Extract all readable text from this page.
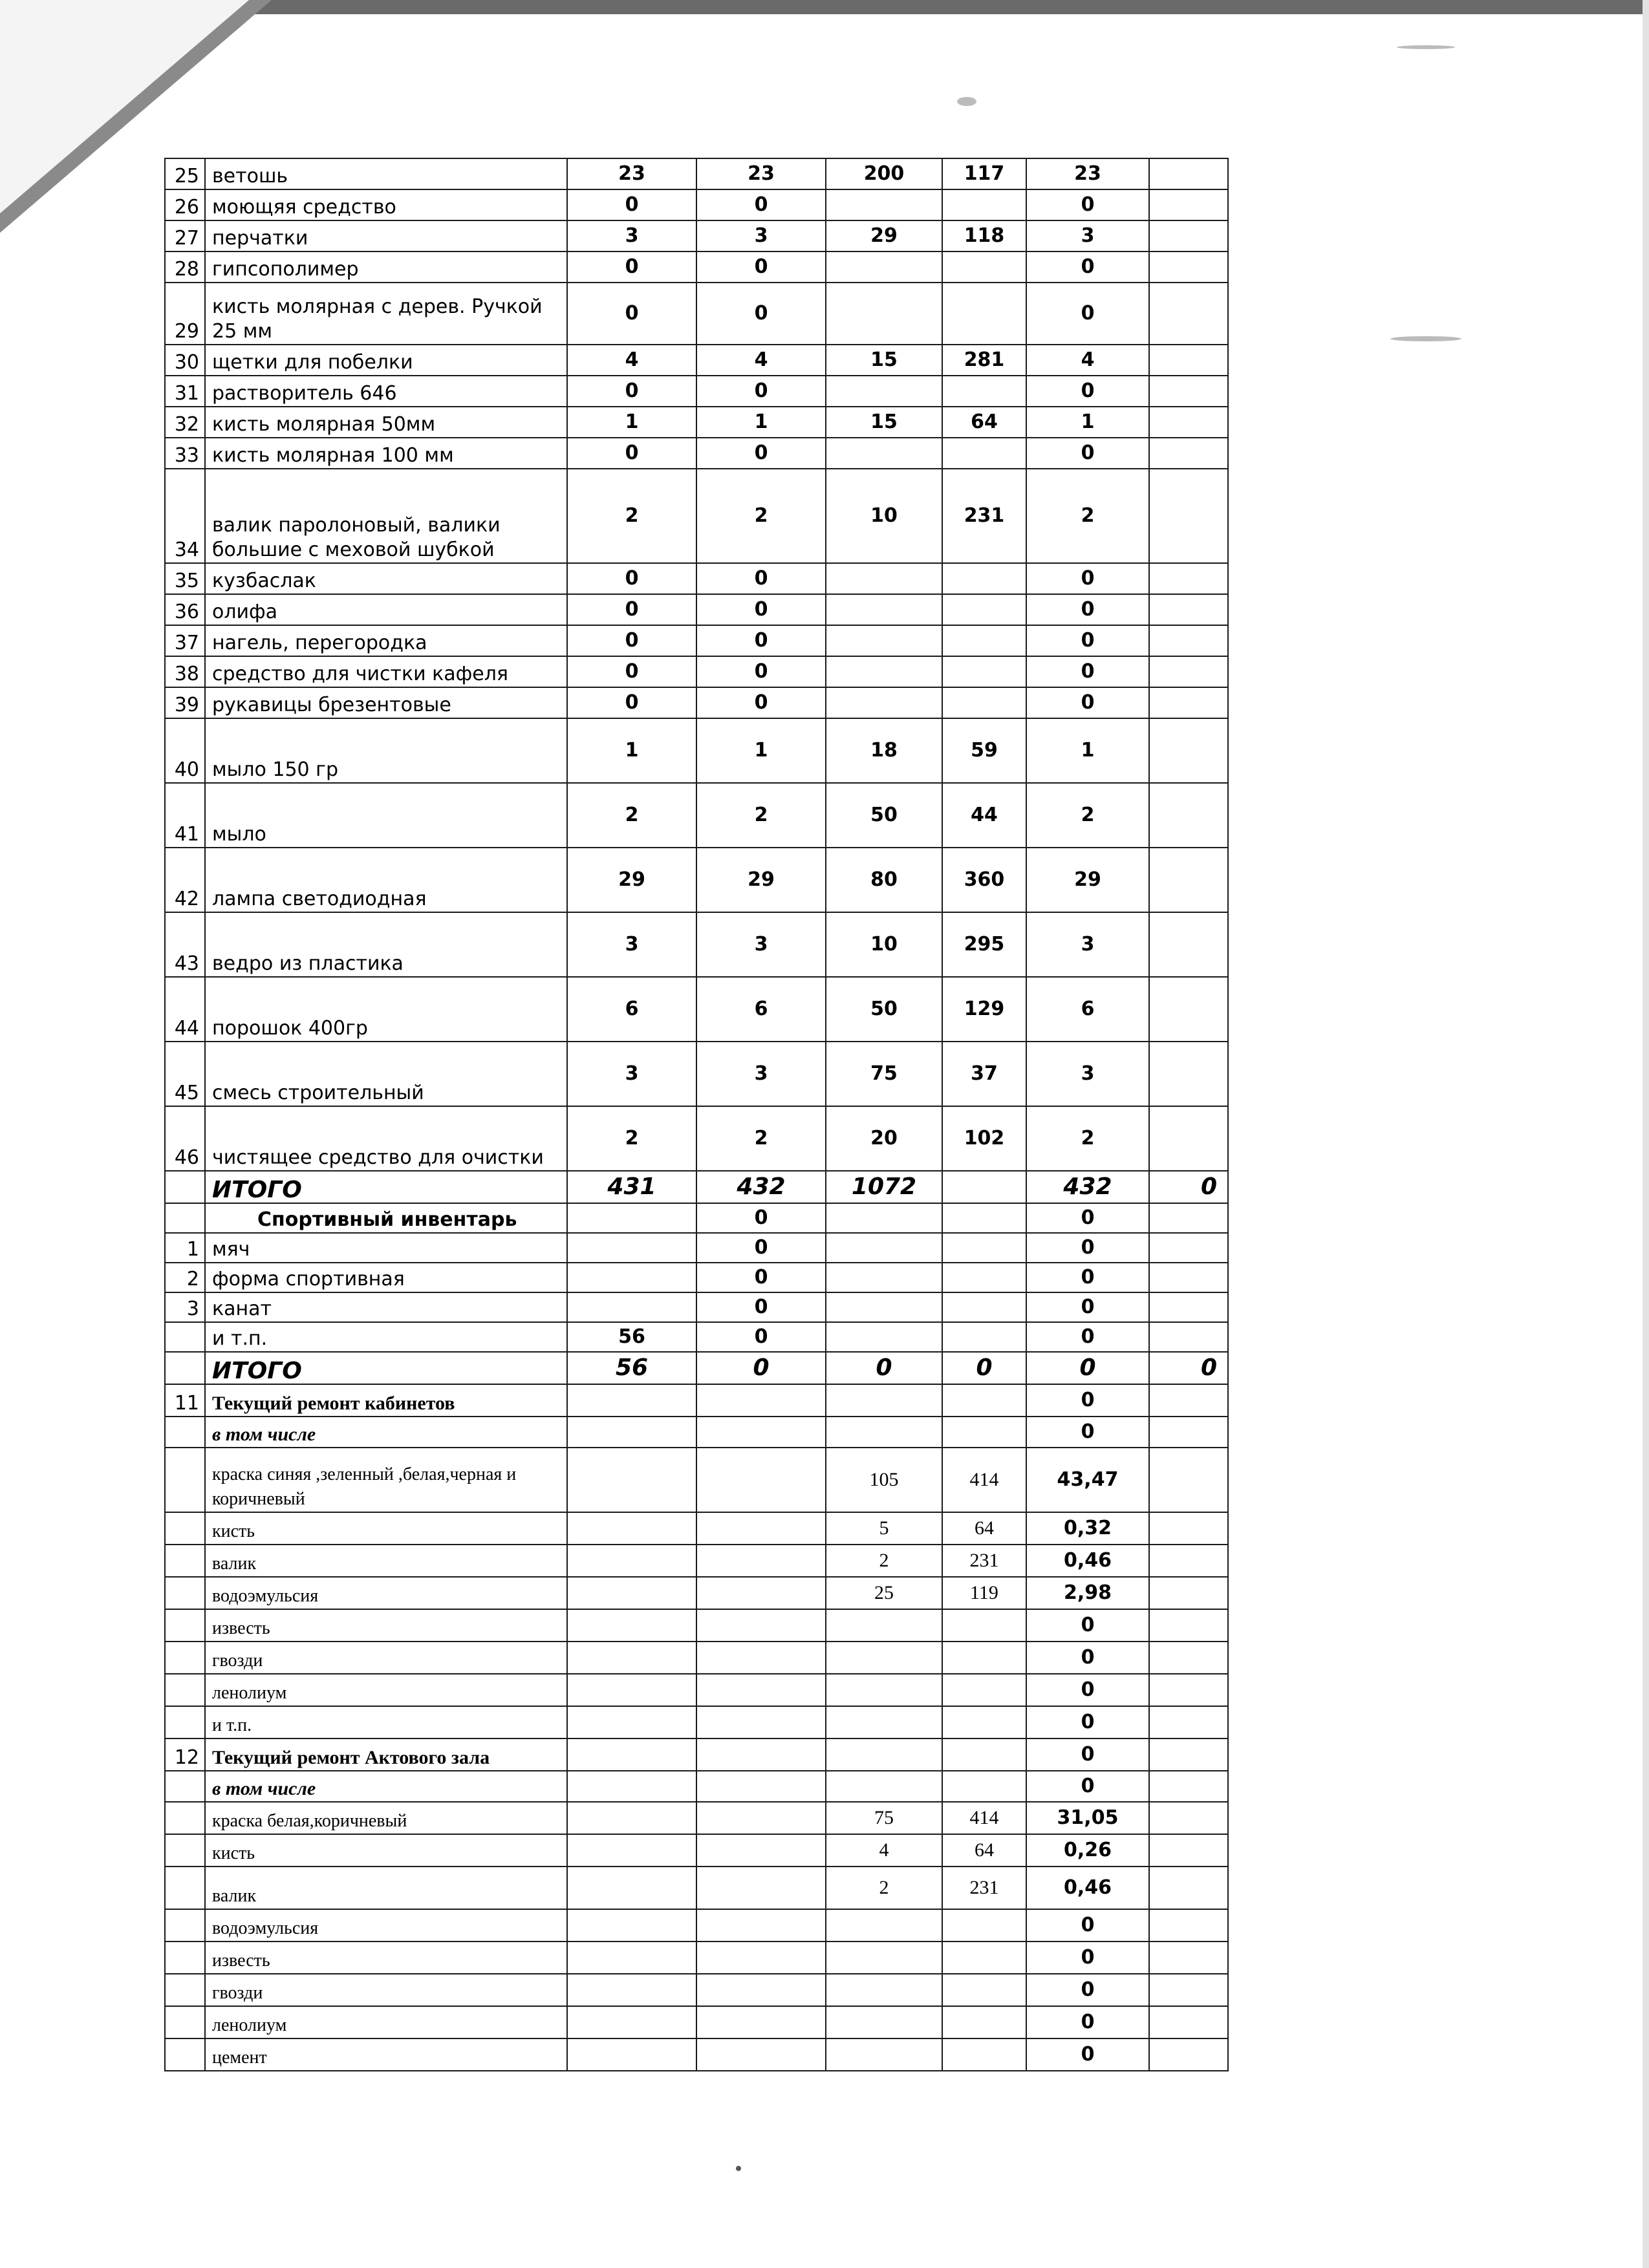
25	ветошь	23	23	200	117	23	
26	моющяя средство	0	0			0	
27	перчатки	3	3	29	118	3	
28	гипсополимер	0	0			0	
29	кисть молярная с дерев. Ручкой 25 мм	0	0			0	
30	щетки для побелки	4	4	15	281	4	
31	растворитель 646	0	0			0	
32	кисть молярная 50мм	1	1	15	64	1	
33	кисть молярная 100 мм	0	0			0	
34	валик паролоновый, валики большие с меховой шубкой	2	2	10	231	2	
35	кузбаслак	0	0			0	
36	олифа	0	0			0	
37	нагель, перегородка	0	0			0	
38	средство для чистки кафеля	0	0			0	
39	рукавицы брезентовые	0	0			0	
40	мыло 150 гр	1	1	18	59	1	
41	мыло	2	2	50	44	2	
42	лампа светодиодная	29	29	80	360	29	
43	ведро из пластика	3	3	10	295	3	
44	порошок 400гр	6	6	50	129	6	
45	смесь строительный	3	3	75	37	3	
46	чистящее средство для очистки	2	2	20	102	2	
	ИТОГО	431	432	1072		432	0
	Спортивный инвентарь		0			0	
1	мяч		0			0	
2	форма спортивная		0			0	
3	канат		0			0	
	и т.п.	56	0			0	
	ИТОГО	56	0	0	0	0	0
11	Текущий ремонт кабинетов					0	
	в том числе					0	
	краска синяя ,зеленный ,белая,черная и коричневый			105	414	43,47	
	кисть			5	64	0,32	
	валик			2	231	0,46	
	водоэмульсия			25	119	2,98	
	известь					0	
	гвозди					0	
	ленолиум					0	
	и т.п.					0	
12	Текущий ремонт Актового зала					0	
	в том числе					0	
	краска белая,коричневый			75	414	31,05	
	кисть			4	64	0,26	
	валик			2	231	0,46	
	водоэмульсия					0	
	известь					0	
	гвозди					0	
	ленолиум					0	
	цемент					0	
